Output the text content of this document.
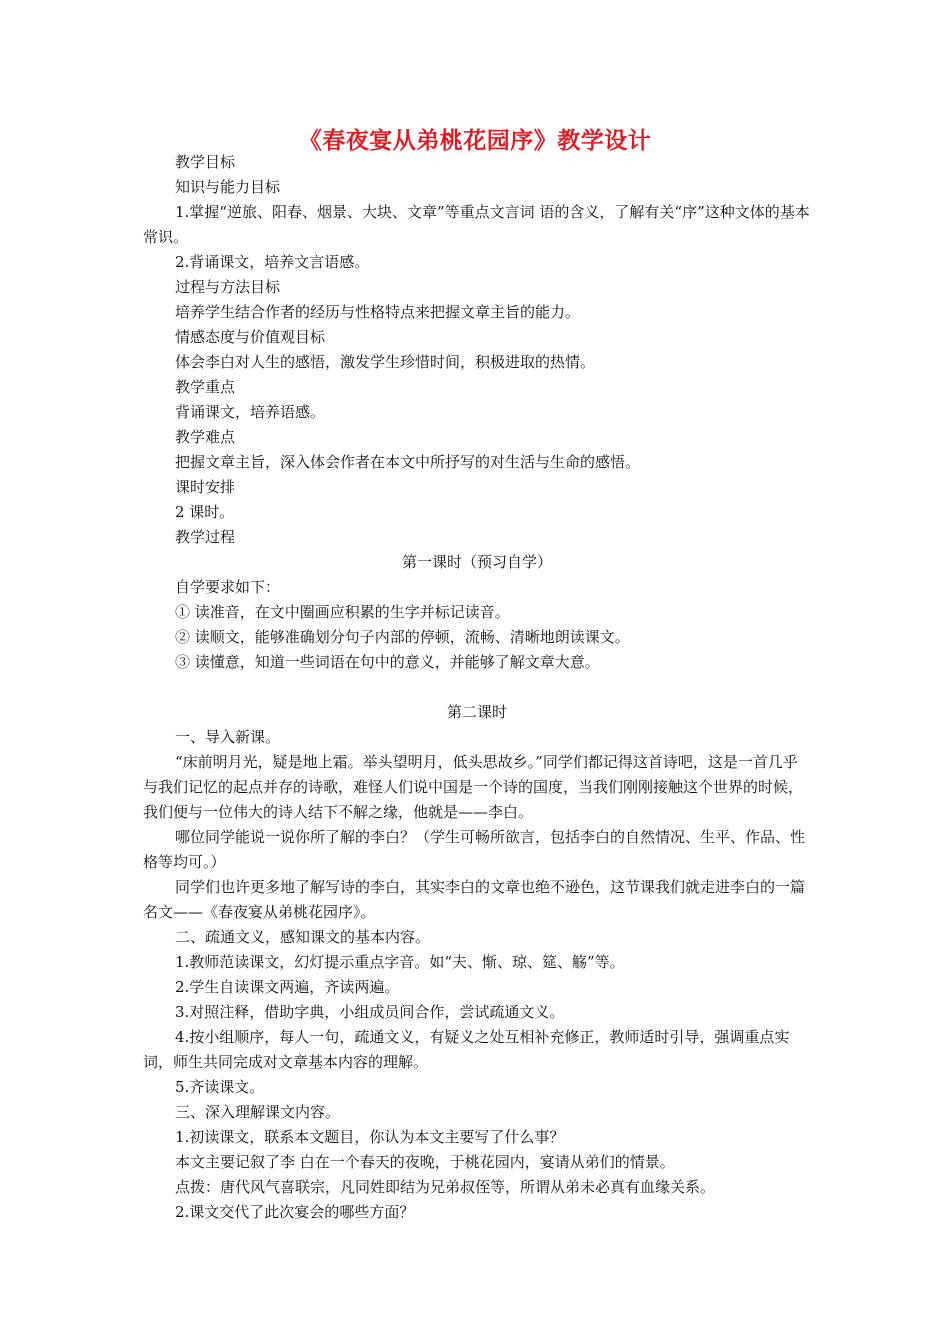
《春夜宴从弟桃花园序》教学设计

教学目标

知识与能力目标

1.掌握“逆旅、阳春、烟景、大块、文章”等重点文言词 语的含义，了解有关“序”这种文体的基本常识。

2.背诵课文，培养文言语感。

过程与方法目标

培养学生结合作者的经历与性格特点来把握文章主旨的能力。

情感态度与价值观目标

体会李白对人生的感悟，激发学生珍惜时间，积极进取的热情。

教学重点

背诵课文，培养语感。

教学难点

把握文章主旨，深入体会作者在本文中所抒写的对生活与生命的感悟。

课时安排

2 课时。

教学过程

第一课时（预习自学）

自学要求如下：

① 读准音，在文中圈画应积累的生字并标记读音。

② 读顺文，能够准确划分句子内部的停顿，流畅、清晰地朗读课文。

③ 读懂意，知道一些词语在句中的意义，并能够了解文章大意。

第二课时

一、导入新课。

“床前明月光，疑是地上霜。举头望明月，低头思故乡。”同学们都记得这首诗吧，这是一首几乎与我们记忆的起点并存的诗歌，难怪人们说中国是一个诗的国度，当我们刚刚接触这个世界的时候，我们便与一位伟大的诗人结下不解之缘，他就是——李白。

哪位同学能说一说你所了解的李白？（学生可畅所欲言，包括李白的自然情况、生平、作品、性格等均可。）

同学们也许更多地了解写诗的李白，其实李白的文章也绝不逊色，这节课我们就走进李白的一篇名文——《春夜宴从弟桃花园序》。

二、疏通文义，感知课文的基本内容。

1.教师范读课文，幻灯提示重点字音。如“夫、惭、琼、筵、觞”等。

2.学生自读课文两遍，齐读两遍。

3.对照注释，借助字典，小组成员间合作，尝试疏通文义。

4.按小组顺序，每人一句，疏通文义，有疑义之处互相补充修正，教师适时引导，强调重点实词，师生共同完成对文章基本内容的理解。

5.齐读课文。

三、深入理解课文内容。

1.初读课文，联系本文题目，你认为本文主要写了什么事？

本文主要记叙了李 白在一个春天的夜晚，于桃花园内，宴请从弟们的情景。

点拨：唐代风气喜联宗，凡同姓即结为兄弟叔侄等，所谓从弟未必真有血缘关系。

2.课文交代了此次宴会的哪些方面？
